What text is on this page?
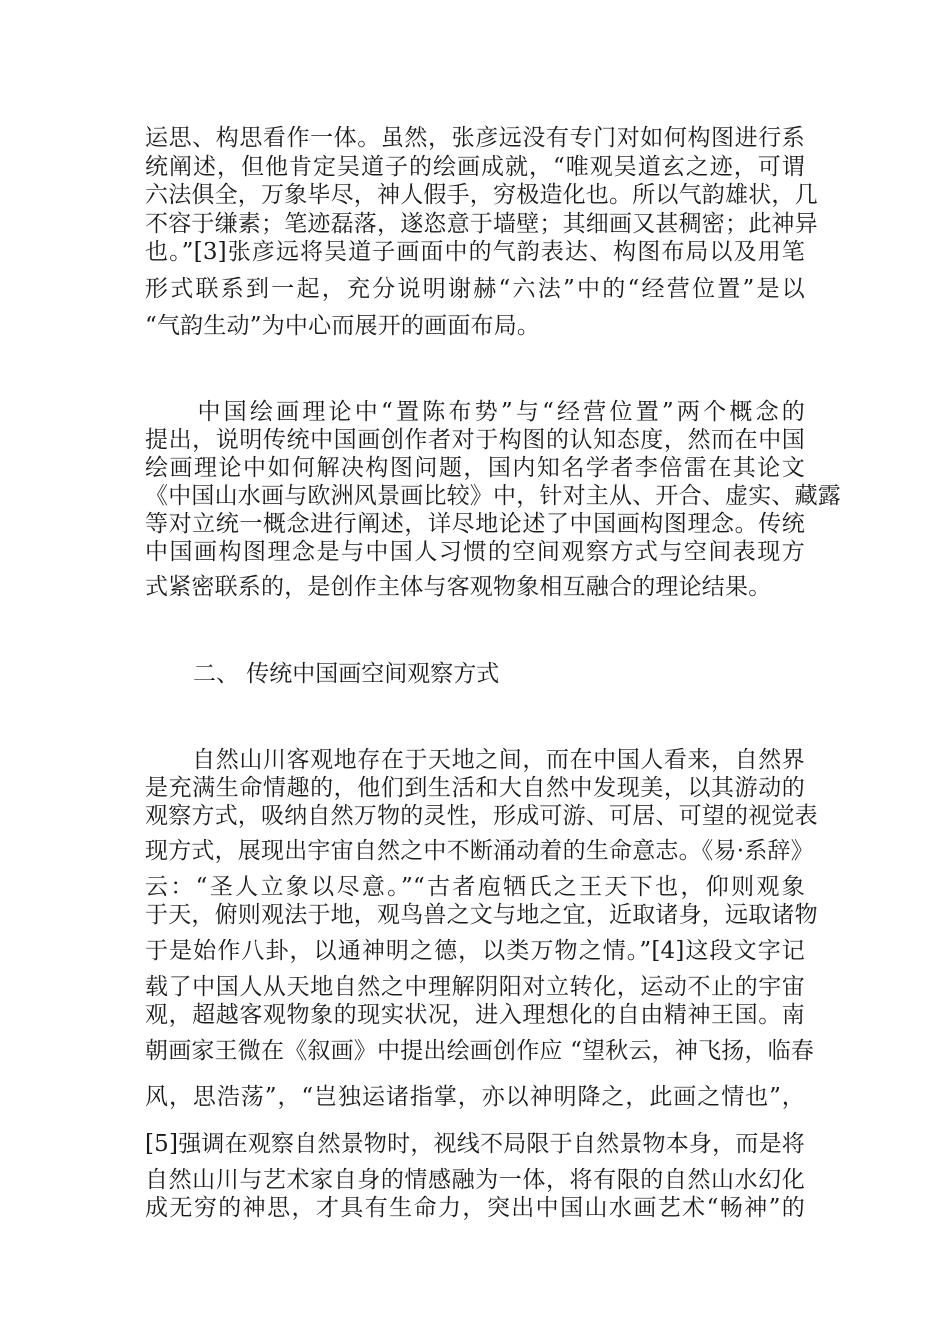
运思、构思看作一体。虽然，张彦远没有专门对如何构图进行系
统阐述，但他肯定吴道子的绘画成就，“唯观吴道玄之迹，可谓
六法俱全，万象毕尽，神人假手，穷极造化也。所以气韵雄状，几
不容于缣素；笔迹磊落，遂恣意于墙壁；其细画又甚稠密；此神异
也。”[3]张彦远将吴道子画面中的气韵表达、构图布局以及用笔
形式联系到一起，充分说明谢赫“六法”中的“经营位置”是以
“气韵生动”为中心而展开的画面布局。
　　中国绘画理论中“置陈布势”与“经营位置”两个概念的
提出，说明传统中国画创作者对于构图的认知态度，然而在中国
绘画理论中如何解决构图问题，国内知名学者李倍雷在其论文
《中国山水画与欧洲风景画比较》中，针对主从、开合、虚实、藏露
等对立统一概念进行阐述，详尽地论述了中国画构图理念。传统
中国画构图理念是与中国人习惯的空间观察方式与空间表现方
式紧密联系的，是创作主体与客观物象相互融合的理论结果。
二、 传统中国画空间观察方式
　　自然山川客观地存在于天地之间，而在中国人看来，自然界
是充满生命情趣的，他们到生活和大自然中发现美，以其游动的
观察方式，吸纳自然万物的灵性，形成可游、可居、可望的视觉表
现方式，展现出宇宙自然之中不断涌动着的生命意志。《易·系辞》
云：“圣人立象以尽意。”“古者庖牺氏之王天下也，仰则观象
于天，俯则观法于地，观鸟兽之文与地之宜，近取诸身，远取诸物
于是始作八卦，以通神明之德，以类万物之情。”[4]这段文字记
载了中国人从天地自然之中理解阴阳对立转化，运动不止的宇宙
观，超越客观物象的现实状况，进入理想化的自由精神王国。南
朝画家王微在《叙画》中提出绘画创作应 “望秋云，神飞扬，临春
风，思浩荡”，“岂独运诸指掌，亦以神明降之，此画之情也”，
[5]强调在观察自然景物时，视线不局限于自然景物本身，而是将
自然山川与艺术家自身的情感融为一体，将有限的自然山水幻化
成无穷的神思，才具有生命力，突出中国山水画艺术“畅神”的
